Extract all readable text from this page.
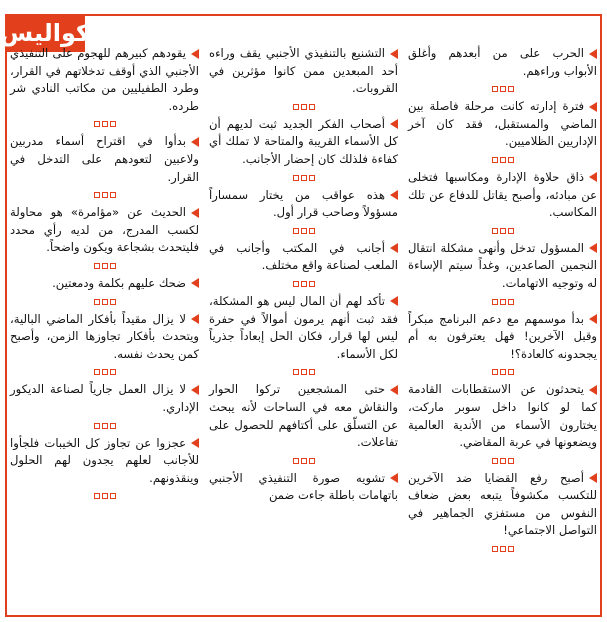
كواليس

يقودهم كبيرهم للهجوم على التنفيذي الأجنبي الذي أوقف تدخلاتهم في القرار، وطرد الطفيليين من مكاتب النادي شر طرده.

بدأوا في اقتراح أسماء مدربين ولاعبين لتعودهم على التدخل في القرار.

الحديث عن «مؤامرة» هو محاولة لكسب المدرج، من لديه رأي محدد فليتحدث بشجاعة ويكون واضحاً.

ضحك عليهم بكلمة ودمعتين.

لا يزال مقيداً بأفكار الماضي البالية، ويتحدث بأفكار تجاوزها الزمن، وأصبح كمن يحدث نفسه.

لا يزال العمل جارياً لصناعة الديكور الإداري.

عجزوا عن تجاوز كل الخيبات فلجأوا للأجانب لعلهم يجدون لهم الحلول وينقذونهم.

التشنيع بالتنفيذي الأجنبي يقف وراءه أحد المبعدين ممن كانوا مؤثرين في القروبات.

أصحاب الفكر الجديد ثبت لديهم أن كل الأسماء القريبة والمتاحة لا تملك أي كفاءة فلذلك كان إحضار الأجانب.

هذه عواقب من يختار سمساراً مسؤولاً وصاحب قرار أول.

أجانب في المكتب وأجانب في الملعب لصناعة واقع مختلف.

تأكد لهم أن المال ليس هو المشكلة، فقد ثبت أنهم يرمون أموالاً في حفرة ليس لها قرار، فكان الحل إبعاداً جذرياً لكل الأسماء.

حتى المشجعين تركوا الحوار والنقاش معه في الساحات لأنه يبحث عن التسلّق على أكتافهم للحصول على تفاعلات.

تشويه صورة التنفيذي الأجنبي باتهامات باطلة جاءت ضمن

الحرب على من أبعدهم وأغلق الأبواب وراءهم.

فترة إدارته كانت مرحلة فاصلة بين الماضي والمستقبل، فقد كان آخر الإداريين الظلاميين.

ذاق حلاوة الإدارة ومكاسبها فتخلى عن مبادئه، وأصبح يقاتل للدفاع عن تلك المكاسب.

المسؤول تدخل وأنهى مشكلة انتقال النجمين الصاعدين، وغداً سيتم الإساءة له وتوجيه الاتهامات.

بدأ موسمهم مع دعم البرنامج مبكراً وقبل الآخرين! فهل يعترفون به أم يجحدونه كالعادة؟!

يتحدثون عن الاستقطابات القادمة كما لو كانوا داخل سوبر ماركت، يختارون الأسماء من الأندية العالمية ويضعونها في عربة المقاضي.

أصبح رفع القضايا ضد الآخرين للتكسب مكشوفاً يتبعه بعض ضعاف النفوس من مستفزي الجماهير في التواصل الاجتماعي!
